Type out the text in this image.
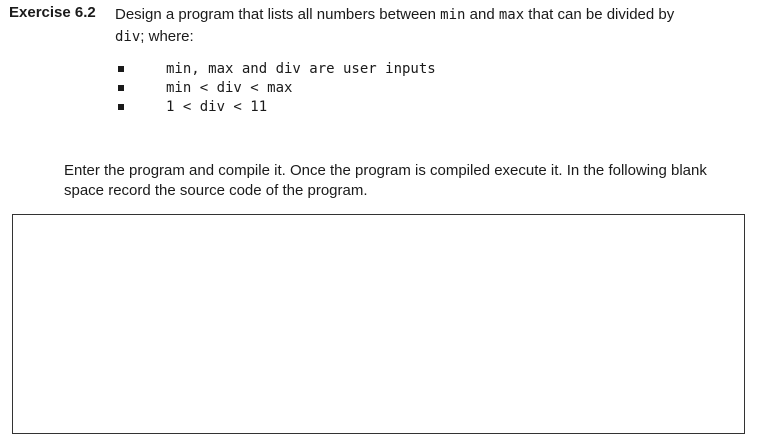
Exercise 6.2 Design a program that lists all numbers between min and max that can be divided by
div; where:
min, max and div are user inputs
min < div < max
1 < div < 11
Enter the program and compile it. Once the program is compiled execute it. In the following blank space record the source code of the program.
